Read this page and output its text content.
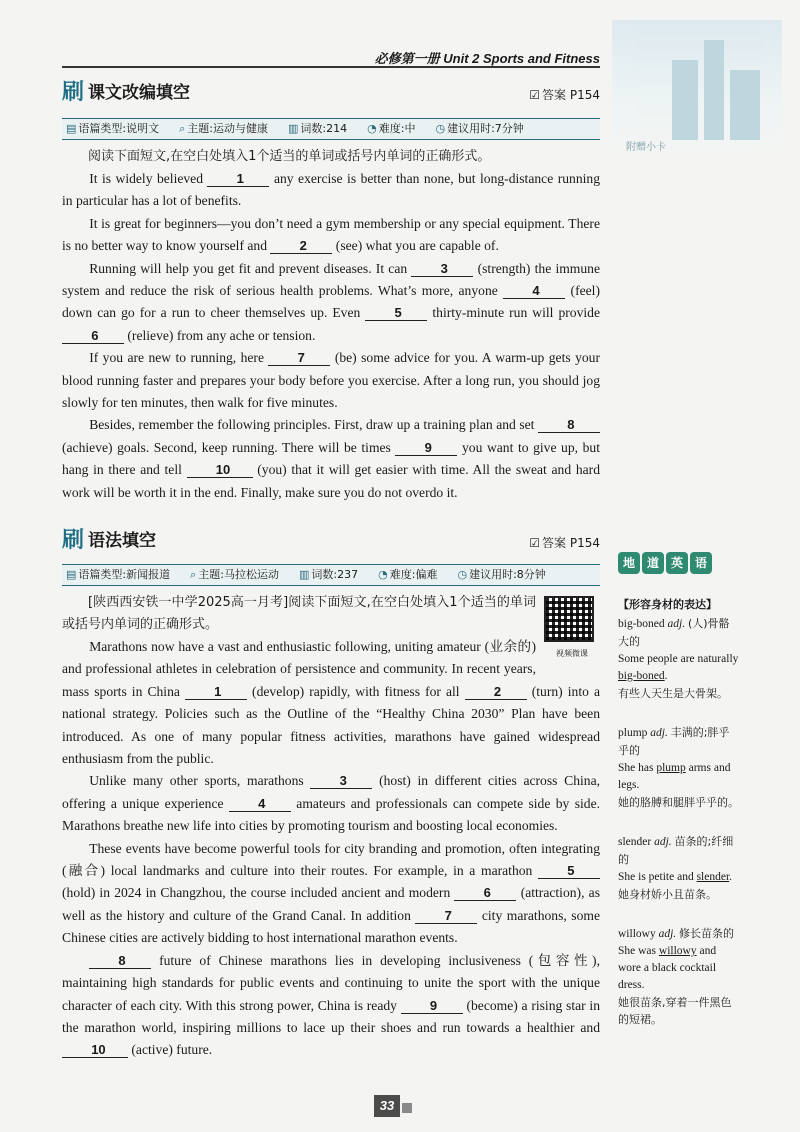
附赠小卡
必修第一册 Unit 2 Sports and Fitness
刷 课文改编填空	☑ 答案 P154
▤ 语篇类型:说明文 ⌕ 主题:运动与健康 ▥ 词数:214 ◔ 难度:中 ◷ 建议用时:7分钟
阅读下面短文,在空白处填入1个适当的单词或括号内单词的正确形式。

It is widely believed 1 any exercise is better than none, but long-distance running in particular has a lot of benefits.

It is great for beginners—you don’t need a gym membership or any special equipment. There is no better way to know yourself and 2 (see) what you are capable of.

Running will help you get fit and prevent diseases. It can 3 (strength) the immune system and reduce the risk of serious health problems. What’s more, anyone 4 (feel) down can go for a run to cheer themselves up. Even 5 thirty-minute run will provide 6 (relieve) from any ache or tension.

If you are new to running, here 7 (be) some advice for you. A warm-up gets your blood running faster and prepares your body before you exercise. After a long run, you should jog slowly for ten minutes, then walk for five minutes.

Besides, remember the following principles. First, draw up a training plan and set 8 (achieve) goals. Second, keep running. There will be times 9 you want to give up, but hang in there and tell 10 (you) that it will get easier with time. All the sweat and hard work will be worth it in the end. Finally, make sure you do not overdo it.

刷 语法填空	☑ 答案 P154
▤ 语篇类型:新闻报道 ⌕ 主题:马拉松运动 ▥ 词数:237 ◔ 难度:偏难 ◷ 建议用时:8分钟
视频微课
[陕西西安铁一中学2025高一月考]阅读下面短文,在空白处填入1个适当的单词或括号内单词的正确形式。

Marathons now have a vast and enthusiastic following, uniting amateur (业余的) and professional athletes in celebration of persistence and community. In recent years, mass sports in China 1 (develop) rapidly, with fitness for all 2 (turn) into a national strategy. Policies such as the Outline of the “Healthy China 2030” Plan have been introduced. As one of many popular fitness activities, marathons have gained widespread enthusiasm from the public.

Unlike many other sports, marathons 3 (host) in different cities across China, offering a unique experience 4 amateurs and professionals can compete side by side. Marathons breathe new life into cities by promoting tourism and boosting local economies.

These events have become powerful tools for city branding and promotion, often integrating (融合) local landmarks and culture into their routes. For example, in a marathon 5 (hold) in 2024 in Changzhou, the course included ancient and modern 6 (attraction), as well as the history and culture of the Grand Canal. In addition 7 city marathons, some Chinese cities are actively bidding to host international marathon events.

8 future of Chinese marathons lies in developing inclusiveness (包容性), maintaining high standards for public events and continuing to unite the sport with the unique character of each city. With this strong power, China is ready 9 (become) a rising star in the marathon world, inspiring millions to lace up their shoes and run towards a healthier and 10 (active) future.

地 道 英 语
【形容身材的表达】
big-boned adj. (人)骨骼大的
Some people are naturally big-boned.
有些人天生是大骨架。
plump adj. 丰满的;胖乎乎的
She has plump arms and legs.
她的胳膊和腿胖乎乎的。
slender adj. 苗条的;纤细的
She is petite and slender.
她身材娇小且苗条。
willowy adj. 修长苗条的
She was willowy and wore a black cocktail dress.
她很苗条,穿着一件黑色的短裙。
33
